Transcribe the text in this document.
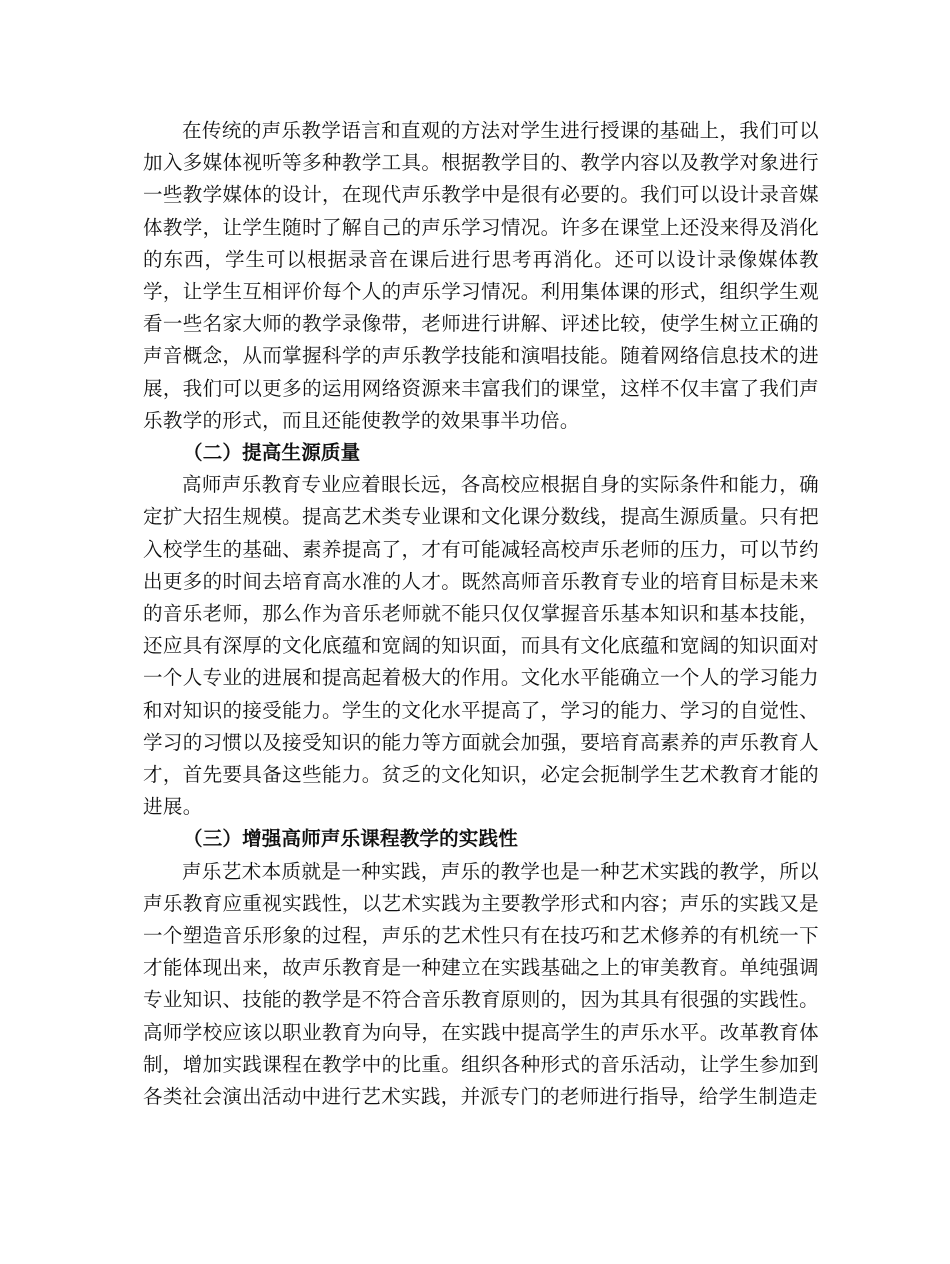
在传统的声乐教学语言和直观的方法对学生进行授课的基础上，我们可以加入多媒体视听等多种教学工具。根据教学目的、教学内容以及教学对象进行一些教学媒体的设计，在现代声乐教学中是很有必要的。我们可以设计录音媒体教学，让学生随时了解自己的声乐学习情况。许多在课堂上还没来得及消化的东西，学生可以根据录音在课后进行思考再消化。还可以设计录像媒体教学，让学生互相评价每个人的声乐学习情况。利用集体课的形式，组织学生观看一些名家大师的教学录像带，老师进行讲解、评述比较，使学生树立正确的声音概念，从而掌握科学的声乐教学技能和演唱技能。随着网络信息技术的进展，我们可以更多的运用网络资源来丰富我们的课堂，这样不仅丰富了我们声乐教学的形式，而且还能使教学的效果事半功倍。

（二）提高生源质量

高师声乐教育专业应着眼长远，各高校应根据自身的实际条件和能力，确定扩大招生规模。提高艺术类专业课和文化课分数线，提高生源质量。只有把入校学生的基础、素养提高了，才有可能减轻高校声乐老师的压力，可以节约出更多的时间去培育高水准的人才。既然高师音乐教育专业的培育目标是未来的音乐老师，那么作为音乐老师就不能只仅仅掌握音乐基本知识和基本技能，还应具有深厚的文化底蕴和宽阔的知识面，而具有文化底蕴和宽阔的知识面对一个人专业的进展和提高起着极大的作用。文化水平能确立一个人的学习能力和对知识的接受能力。学生的文化水平提高了，学习的能力、学习的自觉性、学习的习惯以及接受知识的能力等方面就会加强，要培育高素养的声乐教育人才，首先要具备这些能力。贫乏的文化知识，必定会扼制学生艺术教育才能的进展。

（三）增强高师声乐课程教学的实践性

声乐艺术本质就是一种实践，声乐的教学也是一种艺术实践的教学，所以声乐教育应重视实践性，以艺术实践为主要教学形式和内容；声乐的实践又是一个塑造音乐形象的过程，声乐的艺术性只有在技巧和艺术修养的有机统一下才能体现出来，故声乐教育是一种建立在实践基础之上的审美教育。单纯强调专业知识、技能的教学是不符合音乐教育原则的，因为其具有很强的实践性。高师学校应该以职业教育为向导，在实践中提高学生的声乐水平。改革教育体制，增加实践课程在教学中的比重。组织各种形式的音乐活动，让学生参加到各类社会演出活动中进行艺术实践，并派专门的老师进行指导，给学生制造走
